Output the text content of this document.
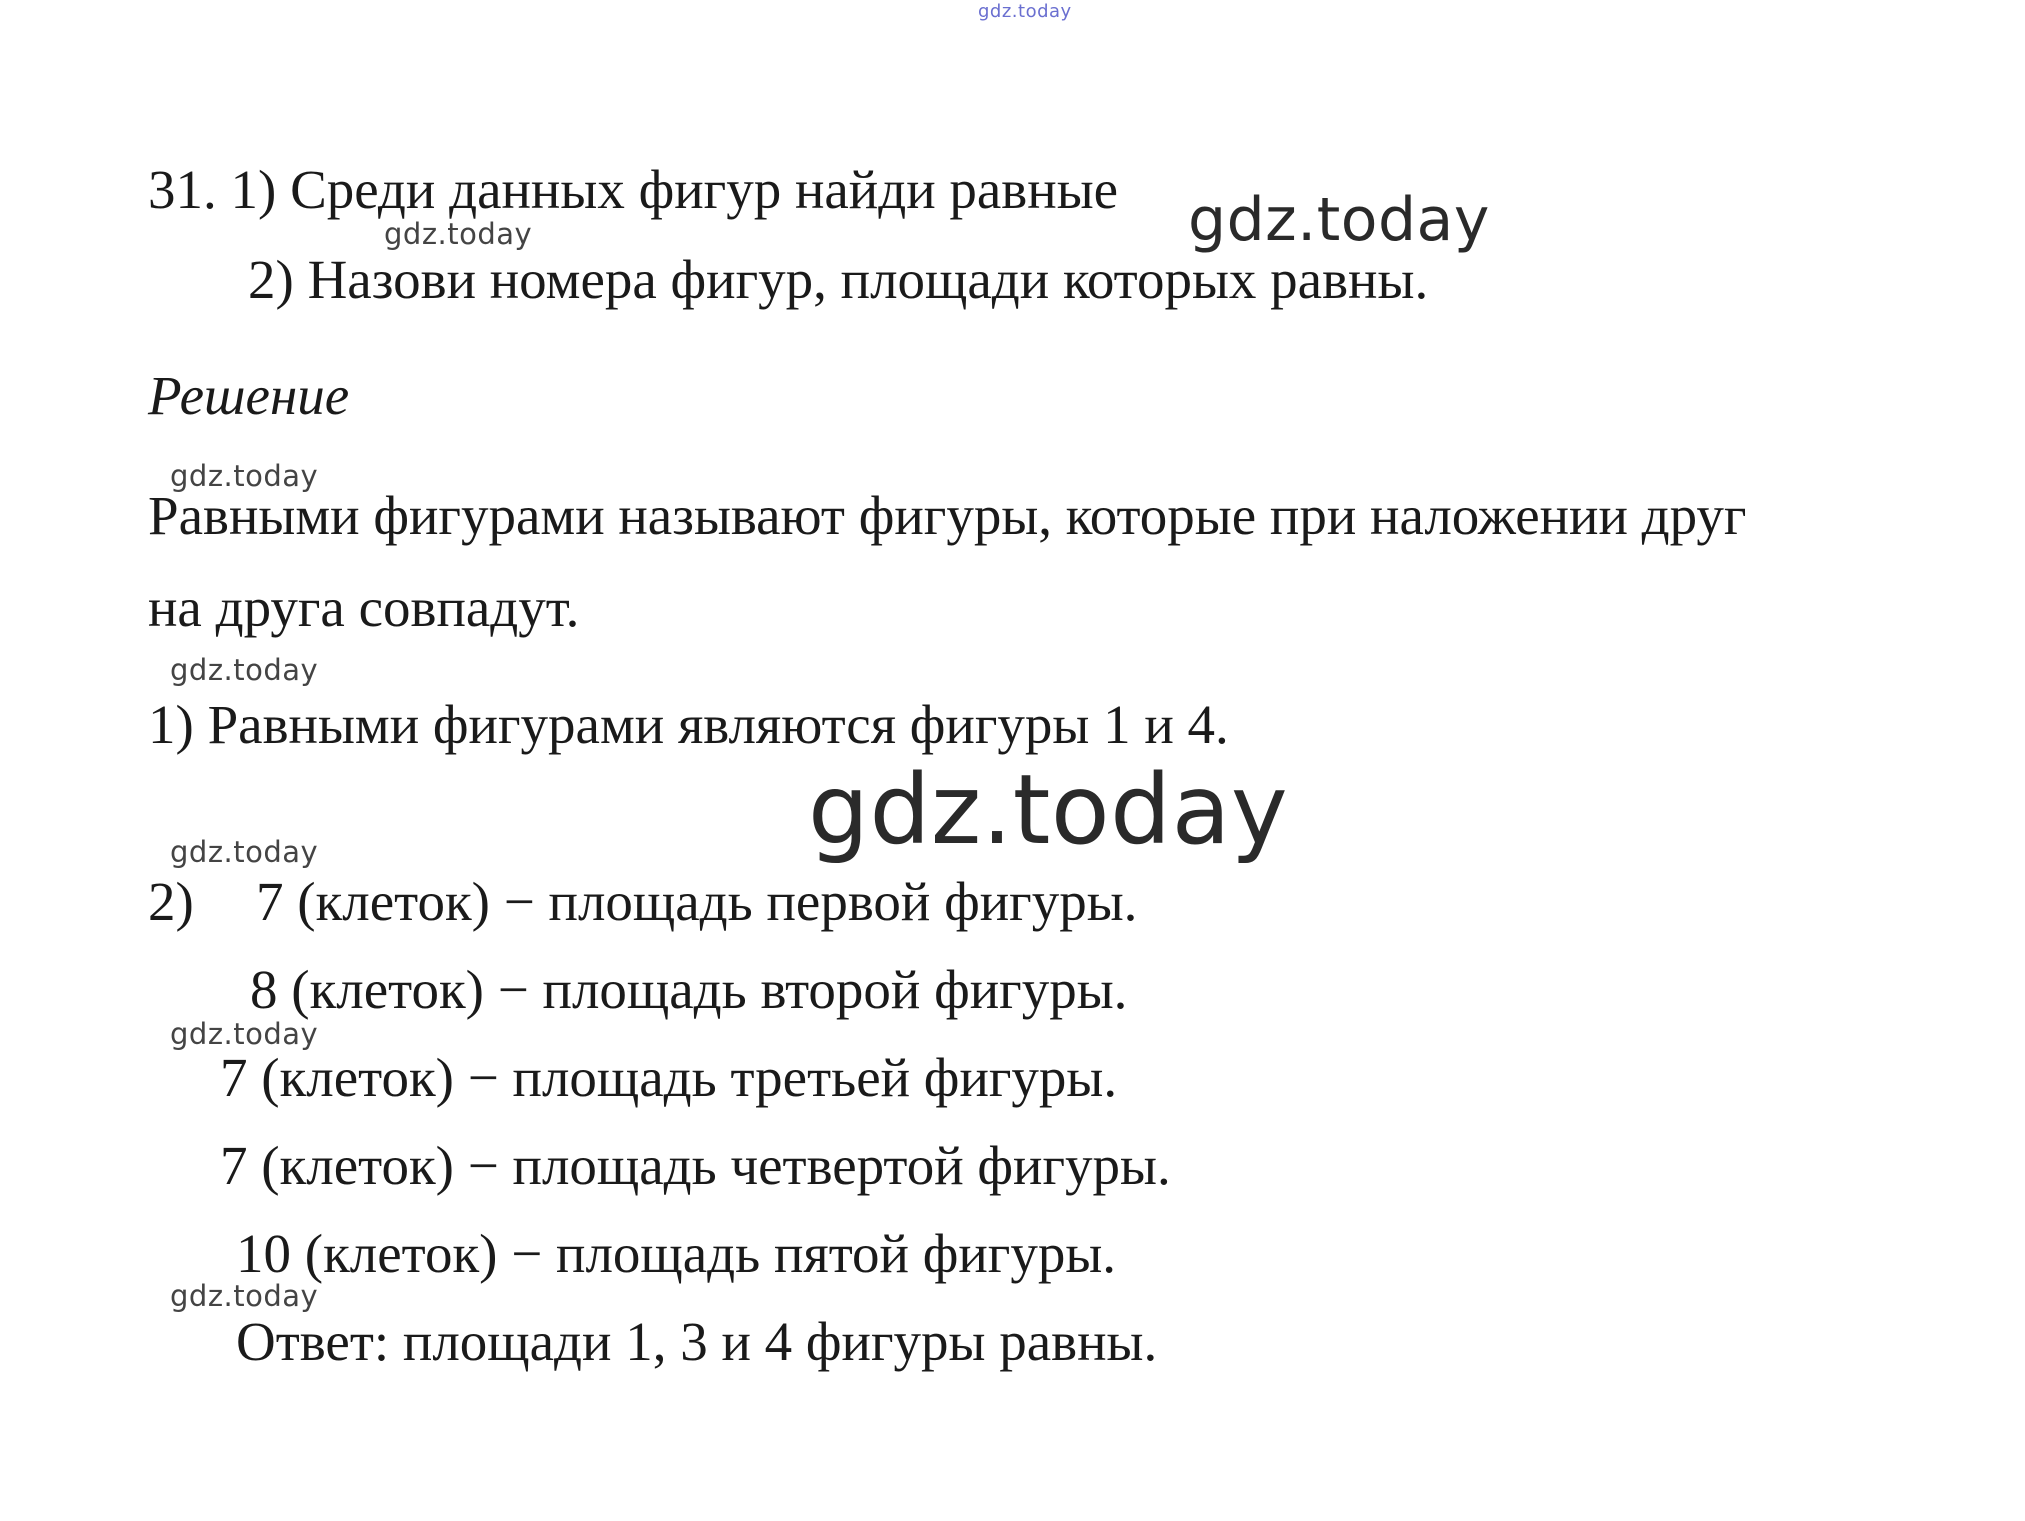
gdz.today
gdz.today
gdz.today
gdz.today
gdz.today
gdz.today
gdz.today
gdz.today
gdz.today
31. 1) Среди данных фигур найди равные
2) Назови номера фигур, площади которых равны.
Решение
Равными фигурами называют фигуры, которые при наложении друг
на друга совпадут.
1) Равными фигурами являются фигуры 1 и 4.
2) 7 (клеток) − площадь первой фигуры.
8 (клеток) − площадь второй фигуры.
7 (клеток) − площадь третьей фигуры.
7 (клеток) − площадь четвертой фигуры.
10 (клеток) − площадь пятой фигуры.
Ответ: площади 1, 3 и 4 фигуры равны.
